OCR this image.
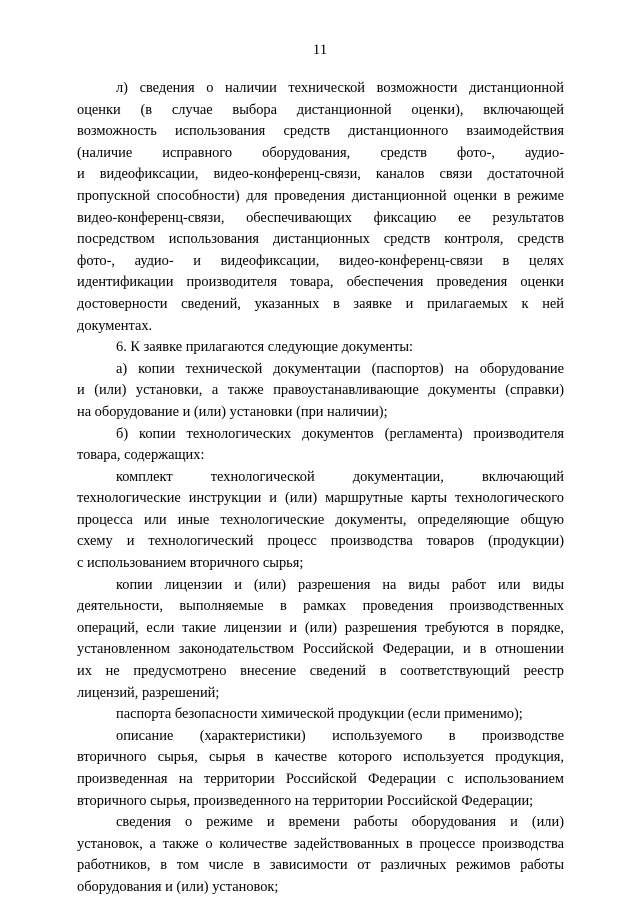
11
л) сведения о наличии технической возможности дистанционной
оценки (в случае выбора дистанционной оценки), включающей
возможность использования средств дистанционного взаимодействия
(наличие исправного оборудования, средств фото-, аудио-
и видеофиксации, видео-конференц-связи, каналов связи достаточной
пропускной способности) для проведения дистанционной оценки в режиме
видео-конференц-связи, обеспечивающих фиксацию ее результатов
посредством использования дистанционных средств контроля, средств
фото-, аудио- и видеофиксации, видео-конференц-связи в целях
идентификации производителя товара, обеспечения проведения оценки
достоверности сведений, указанных в заявке и прилагаемых к ней
документах.
6. К заявке прилагаются следующие документы:
а) копии технической документации (паспортов) на оборудование
и (или) установки, а также правоустанавливающие документы (справки)
на оборудование и (или) установки (при наличии);
б) копии технологических документов (регламента) производителя
товара, содержащих:
комплект технологической документации, включающий
технологические инструкции и (или) маршрутные карты технологического
процесса или иные технологические документы, определяющие общую
схему и технологический процесс производства товаров (продукции)
с использованием вторичного сырья;
копии лицензии и (или) разрешения на виды работ или виды
деятельности, выполняемые в рамках проведения производственных
операций, если такие лицензии и (или) разрешения требуются в порядке,
установленном законодательством Российской Федерации, и в отношении
их не предусмотрено внесение сведений в соответствующий реестр
лицензий, разрешений;
паспорта безопасности химической продукции (если применимо);
описание (характеристики) используемого в производстве
вторичного сырья, сырья в качестве которого используется продукция,
произведенная на территории Российской Федерации с использованием
вторичного сырья, произведенного на территории Российской Федерации;
сведения о режиме и времени работы оборудования и (или)
установок, а также о количестве задействованных в процессе производства
работников, в том числе в зависимости от различных режимов работы
оборудования и (или) установок;
